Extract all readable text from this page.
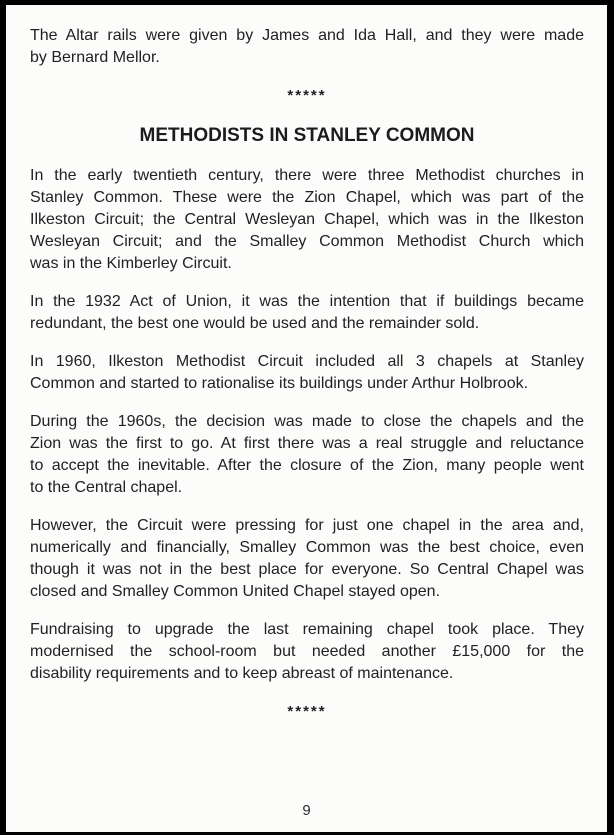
The Altar rails were given by James and Ida Hall, and they were made
by Bernard Mellor.
*****
METHODISTS IN STANLEY COMMON
In the early twentieth century, there were three Methodist churches in
Stanley Common. These were the Zion Chapel, which was part of the
Ilkeston Circuit; the Central Wesleyan Chapel, which was in the Ilkeston
Wesleyan Circuit; and the Smalley Common Methodist Church which
was in the Kimberley Circuit.
In the 1932 Act of Union, it was the intention that if buildings became
redundant, the best one would be used and the remainder sold.
In 1960, Ilkeston Methodist Circuit included all 3 chapels at Stanley
Common and started to rationalise its buildings under Arthur Holbrook.
During the 1960s, the decision was made to close the chapels and the
Zion was the first to go. At first there was a real struggle and reluctance
to accept the inevitable. After the closure of the Zion, many people went
to the Central chapel.
However, the Circuit were pressing for just one chapel in the area and,
numerically and financially, Smalley Common was the best choice, even
though it was not in the best place for everyone. So Central Chapel was
closed and Smalley Common United Chapel stayed open.
Fundraising to upgrade the last remaining chapel took place. They
modernised the school-room but needed another £15,000 for the
disability requirements and to keep abreast of maintenance.
*****
9
